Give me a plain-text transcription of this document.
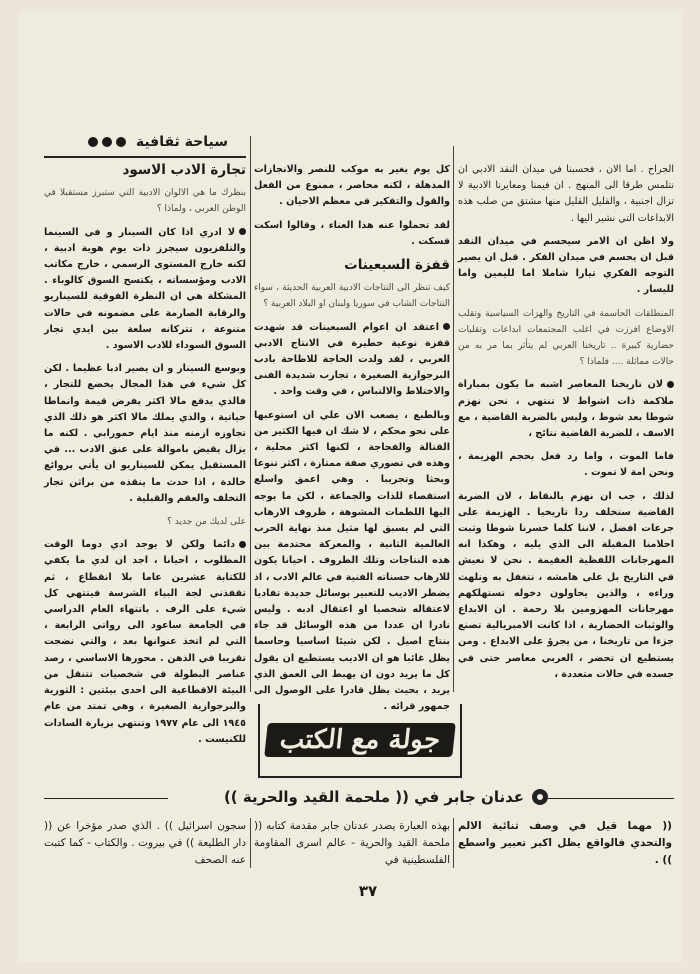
سياحة ثقافية

الجراح . اما الان ، فحسبنا في ميدان النقد الادبي ان نتلمس طرقا الى المنهج . ان فيمنا ومعايرنا الادبية لا تزال اجنبية ، والقليل القليل منها مشتق من صلب هذه الابداعات التي نشير اليها .

ولا اظن ان الامر سيحسم في ميدان النقد قبل ان يحسم في ميدان الفكر . قبل ان يصير التوجه الفكري تيارا شاملا اما لليمين واما لليسار .

المنطلقات الحاسمة في التاريخ والهزات السياسية وتقلب الاوضاع افرزت في اغلب المجتمعات ابداعات وتقلبات حضارية كبيرة .. تاريخنا العربي لم يتأثر بما مر به من حالات مماثلة .... فلماذا ؟

لان تاريخنا المعاصر اشبه ما يكون بمباراة ملاكمة ذات اشواط لا تنتهي ، نحن نهزم شوطا بعد شوط ، وليس بالضربة القاضية ، مع الاسف ، للضربة القاضية نتائج ،

فاما الموت ، واما رد فعل بحجم الهزيمة ، ونحن امة لا تموت .

لذلك ، جب ان نهزم بالنقاط ، لان الضربة القاضية ستخلف ردا تاريخيا . الهزيمة على جرعات افضل ، لاننا كلما خسرنا شوطا وثبت احلامنا المقبلة الى الذي يليه ، وهكذا انه المهرجانات اللفظية العقيمة . نحن لا نعيش في التاريخ بل على هامشه ، نتغفل به ونلهث وراءه ، والذين يحاولون دخوله تستهلكهم مهرجانات المهزومين بلا رحمة . ان الابداع والوثبات الحضارية ، اذا كانت الامبريالية تصنع جزءا من تاريخنا ، من يجرؤ على الابداع . ومن يستطيع ان تحضر ، العربي معاصر حتى في جسده في حالات متعددة ،

كل يوم يغير به موكب للنصر والانجازات المذهلة ، لكنه محاصر ، ممنوع من الفعل والقول والتفكير في معظم الاحيان .

لقد تحملوا عنه هذا العناء ، وقالوا اسكت فسكت .

قفزة السبعينات

كيف تنظر الى النتاجات الادبية العربية الحديثة ، سواء النتاجات الشاب في سوريا ولبنان او البلاد العربية ؟

اعتقد ان اعوام السبعينات قد شهدت قفزة نوعية خطيرة في الانتاج الادبي العربي ، لقد ولدت الحاجة للاطاحة بادب البرجوازية الصغيرة ، تجارب شديدة الفنى والاختلاط والالتباس ، في وقت واحد .

وبالطبع ، يصعب الان علي ان استوعبها على نحو محكم ، لا شك ان فيها الكثير من القتالة والفجاجة ، لكنها اكثر محلية ، وهذه في تصوري صفة ممتازة ، اكثر تنوعا وبحثا وتجريبا . وهي اعمق واسلع استقصاء للذات والجماعة ، لكن ما يوجه اليها اللطمات المشوهة ، ظروف الارهاب التي لم يسبق لها مثيل منذ نهاية الحرب العالمية الثانية ، والمعركة محتدمة بين هذه النتاجات وتلك الظروف . احيانا يكون للارهاب حسناته الفنية في عالم الادب ، اذ يضطر الاديب للتعبير بوسائل جديدة تفاديا لاعتقاله شخصيا او اعتقال ادبه . وليس نادرا ان عددا من هذه الوسائل قد جاء بنتاج اصيل . لكن شيئا اساسيا وحاسما يظل غائبا هو ان الاديب يستطيع ان يقول كل ما يريد دون ان يهبط الى العمق الذي يريد ، بحيث يظل قادرا على الوصول الى جمهور قرائه .

تجارة الادب الاسود

بنظرك ما هي الالوان الادبية التي ستبرز مستقبلا في الوطن العربي ، ولماذا ؟

لا ادري اذا كان السينار و في السينما والتلفزيون سيجرز ذات يوم هوية ادبية ، لكنه خارج المستوى الرسمي ، خارج مكاتب الادب ومؤسساته ، يكتسح السوق كالوباء . المشكلة هي ان النظرة الفوقية للسيناريو والرقابة الصارمة على مضمونه في حالات متنوعة ، تتركانه سلعة بين ايدي تجار السوق السوداء للادب الاسود .

وبوسع السينار و ان يصير ادبا عظيما . لكن كل شيء في هذا المجال يخضع للتجار ، فالذي يدفع مالا اكثر يفرض قيمة وانماطا حياتية ، والذي يملك مالا اكثر هو ذلك الذي تجاوزه ازمنه منذ ايام حمورابي . لكنه ما يزال يقيض باموالة على عنق الادب ... في المستقبل يمكن للسيناريو ان يأتي بروائع خالدة ، اذا حدث ما ينقذه من براثن تجار التخلف والعقم والقبلية .

على لديك من جديد ؟

دائما ولكن لا يوجد ادي دوما الوقت المطلوب ، احيانا ، اجد ان لدي ما يكفي للكتابة عشرين عاما بلا انقطاع ، ثم تقفذني لجة البياء الشرسة فيتتهي كل شيء على الرف . باتتهاء العام الدراسي في الجامعة ساعود الى رواتي الرابعة ، التي لم اتخذ عنوانها بعد ، والتي نضجت تقريبا في الذهن . محورها الاساسي ، رصد عناصر البطولة في شخصيات تتنقل من البيئة الاقطاعية الى احدى بيئتين : الثورية والبرجوازية الصغيرة ، وهي تمتد من عام ١٩٤٥ الى عام ١٩٧٧ وتنتهي بزيارة السادات للكنيست .	جولة مع الكتب
عدنان جابر في (( ملحمة القيد والحرية ))
(( مهما قيل في وصف ثنائية الالم والتحدي فالواقع يظل اكبر تعبير واسطع )) .
بهذه العبارة يصدر عدنان جابر مقدمة كتابه (( ملحمة القيد والحرية - عالم اسرى المقاومة الفلسطينية في
سجون اسرائيل )) . الذي صدر مؤخرا عن (( دار الطليعة )) في بيروت . والكتاب - كما كتبت عنه الصحف
٣٧
